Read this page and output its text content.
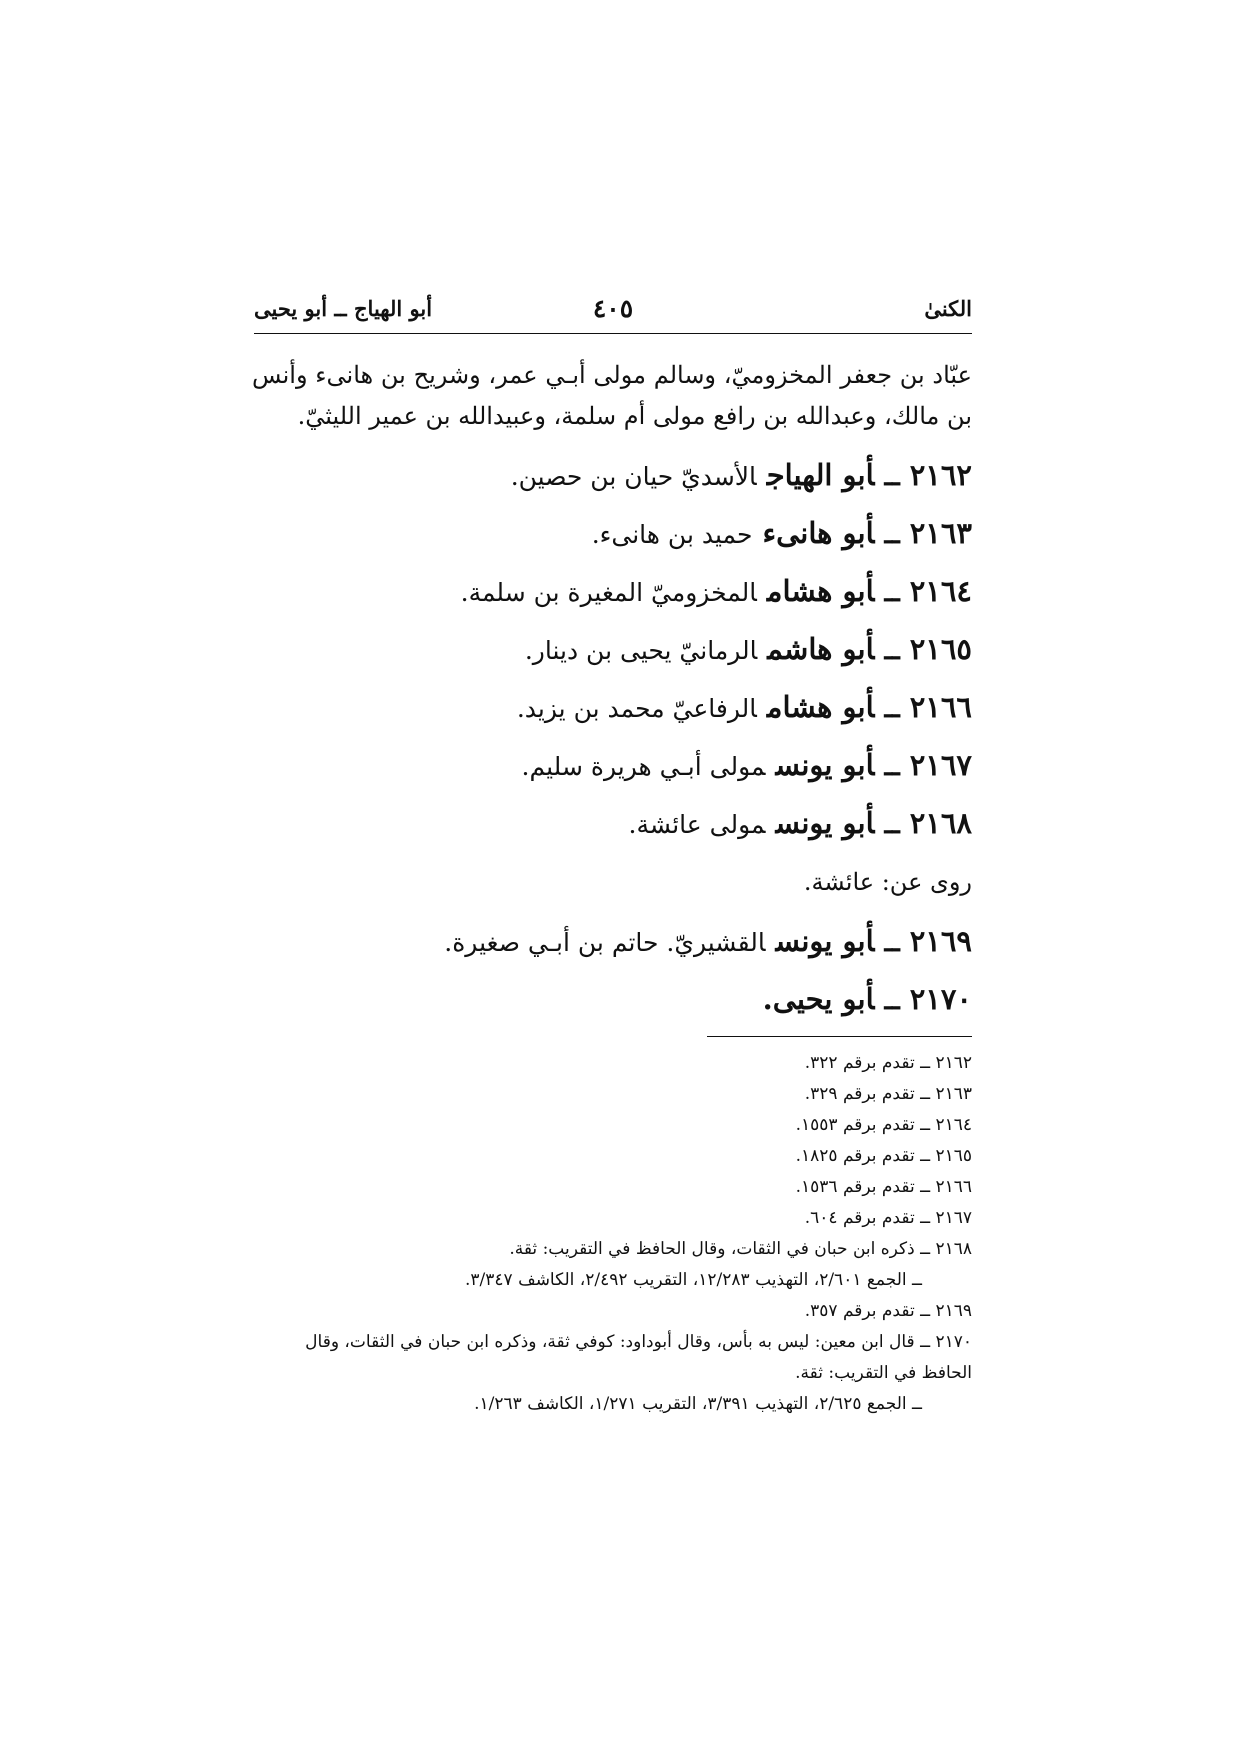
الكنىٰ
٤٠٥
أبو الهياج ــ أبو يحيى
عبّاد بن جعفر المخزوميّ، وسالم مولى أبـي عمر، وشريح بن هانىء وأنس بن مالك، وعبدالله بن رافع مولى أم سلمة، وعبيدالله بن عمير الليثيّ.
٢١٦٢ــأبو الهياجالأسديّ حيان بن حصين.
٢١٦٣ــأبو هانىءحميد بن هانىء.
٢١٦٤ــأبو هشامالمخزوميّ المغيرة بن سلمة.
٢١٦٥ــأبو هاشمالرمانيّ يحيى بن دينار.
٢١٦٦ــأبو هشامالرفاعيّ محمد بن يزيد.
٢١٦٧ــأبو يونسمولى أبـي هريرة سليم.
٢١٦٨ــأبو يونسمولى عائشة.
روى عن: عائشة.
٢١٦٩ــأبو يونسالقشيريّ. حاتم بن أبـي صغيرة.
٢١٧٠ــأبو يحيى.
٢١٦٢ ــ تقدم برقم ٣٢٢.
٢١٦٣ ــ تقدم برقم ٣٢٩.
٢١٦٤ ــ تقدم برقم ١٥٥٣.
٢١٦٥ ــ تقدم برقم ١٨٢٥.
٢١٦٦ ــ تقدم برقم ١٥٣٦.
٢١٦٧ ــ تقدم برقم ٦٠٤.
٢١٦٨ ــ ذكره ابن حبان في الثقات، وقال الحافظ في التقريب: ثقة.
ــ الجمع ٢/٦٠١، التهذيب ١٢/٢٨٣، التقريب ٢/٤٩٢، الكاشف ٣/٣٤٧.
٢١٦٩ ــ تقدم برقم ٣٥٧.
٢١٧٠ ــ قال ابن معين: ليس به بأس، وقال أبوداود: كوفي ثقة، وذكره ابن حبان في الثقات، وقال الحافظ في التقريب: ثقة.
ــ الجمع ٢/٦٢٥، التهذيب ٣/٣٩١، التقريب ١/٢٧١، الكاشف ١/٢٦٣.
